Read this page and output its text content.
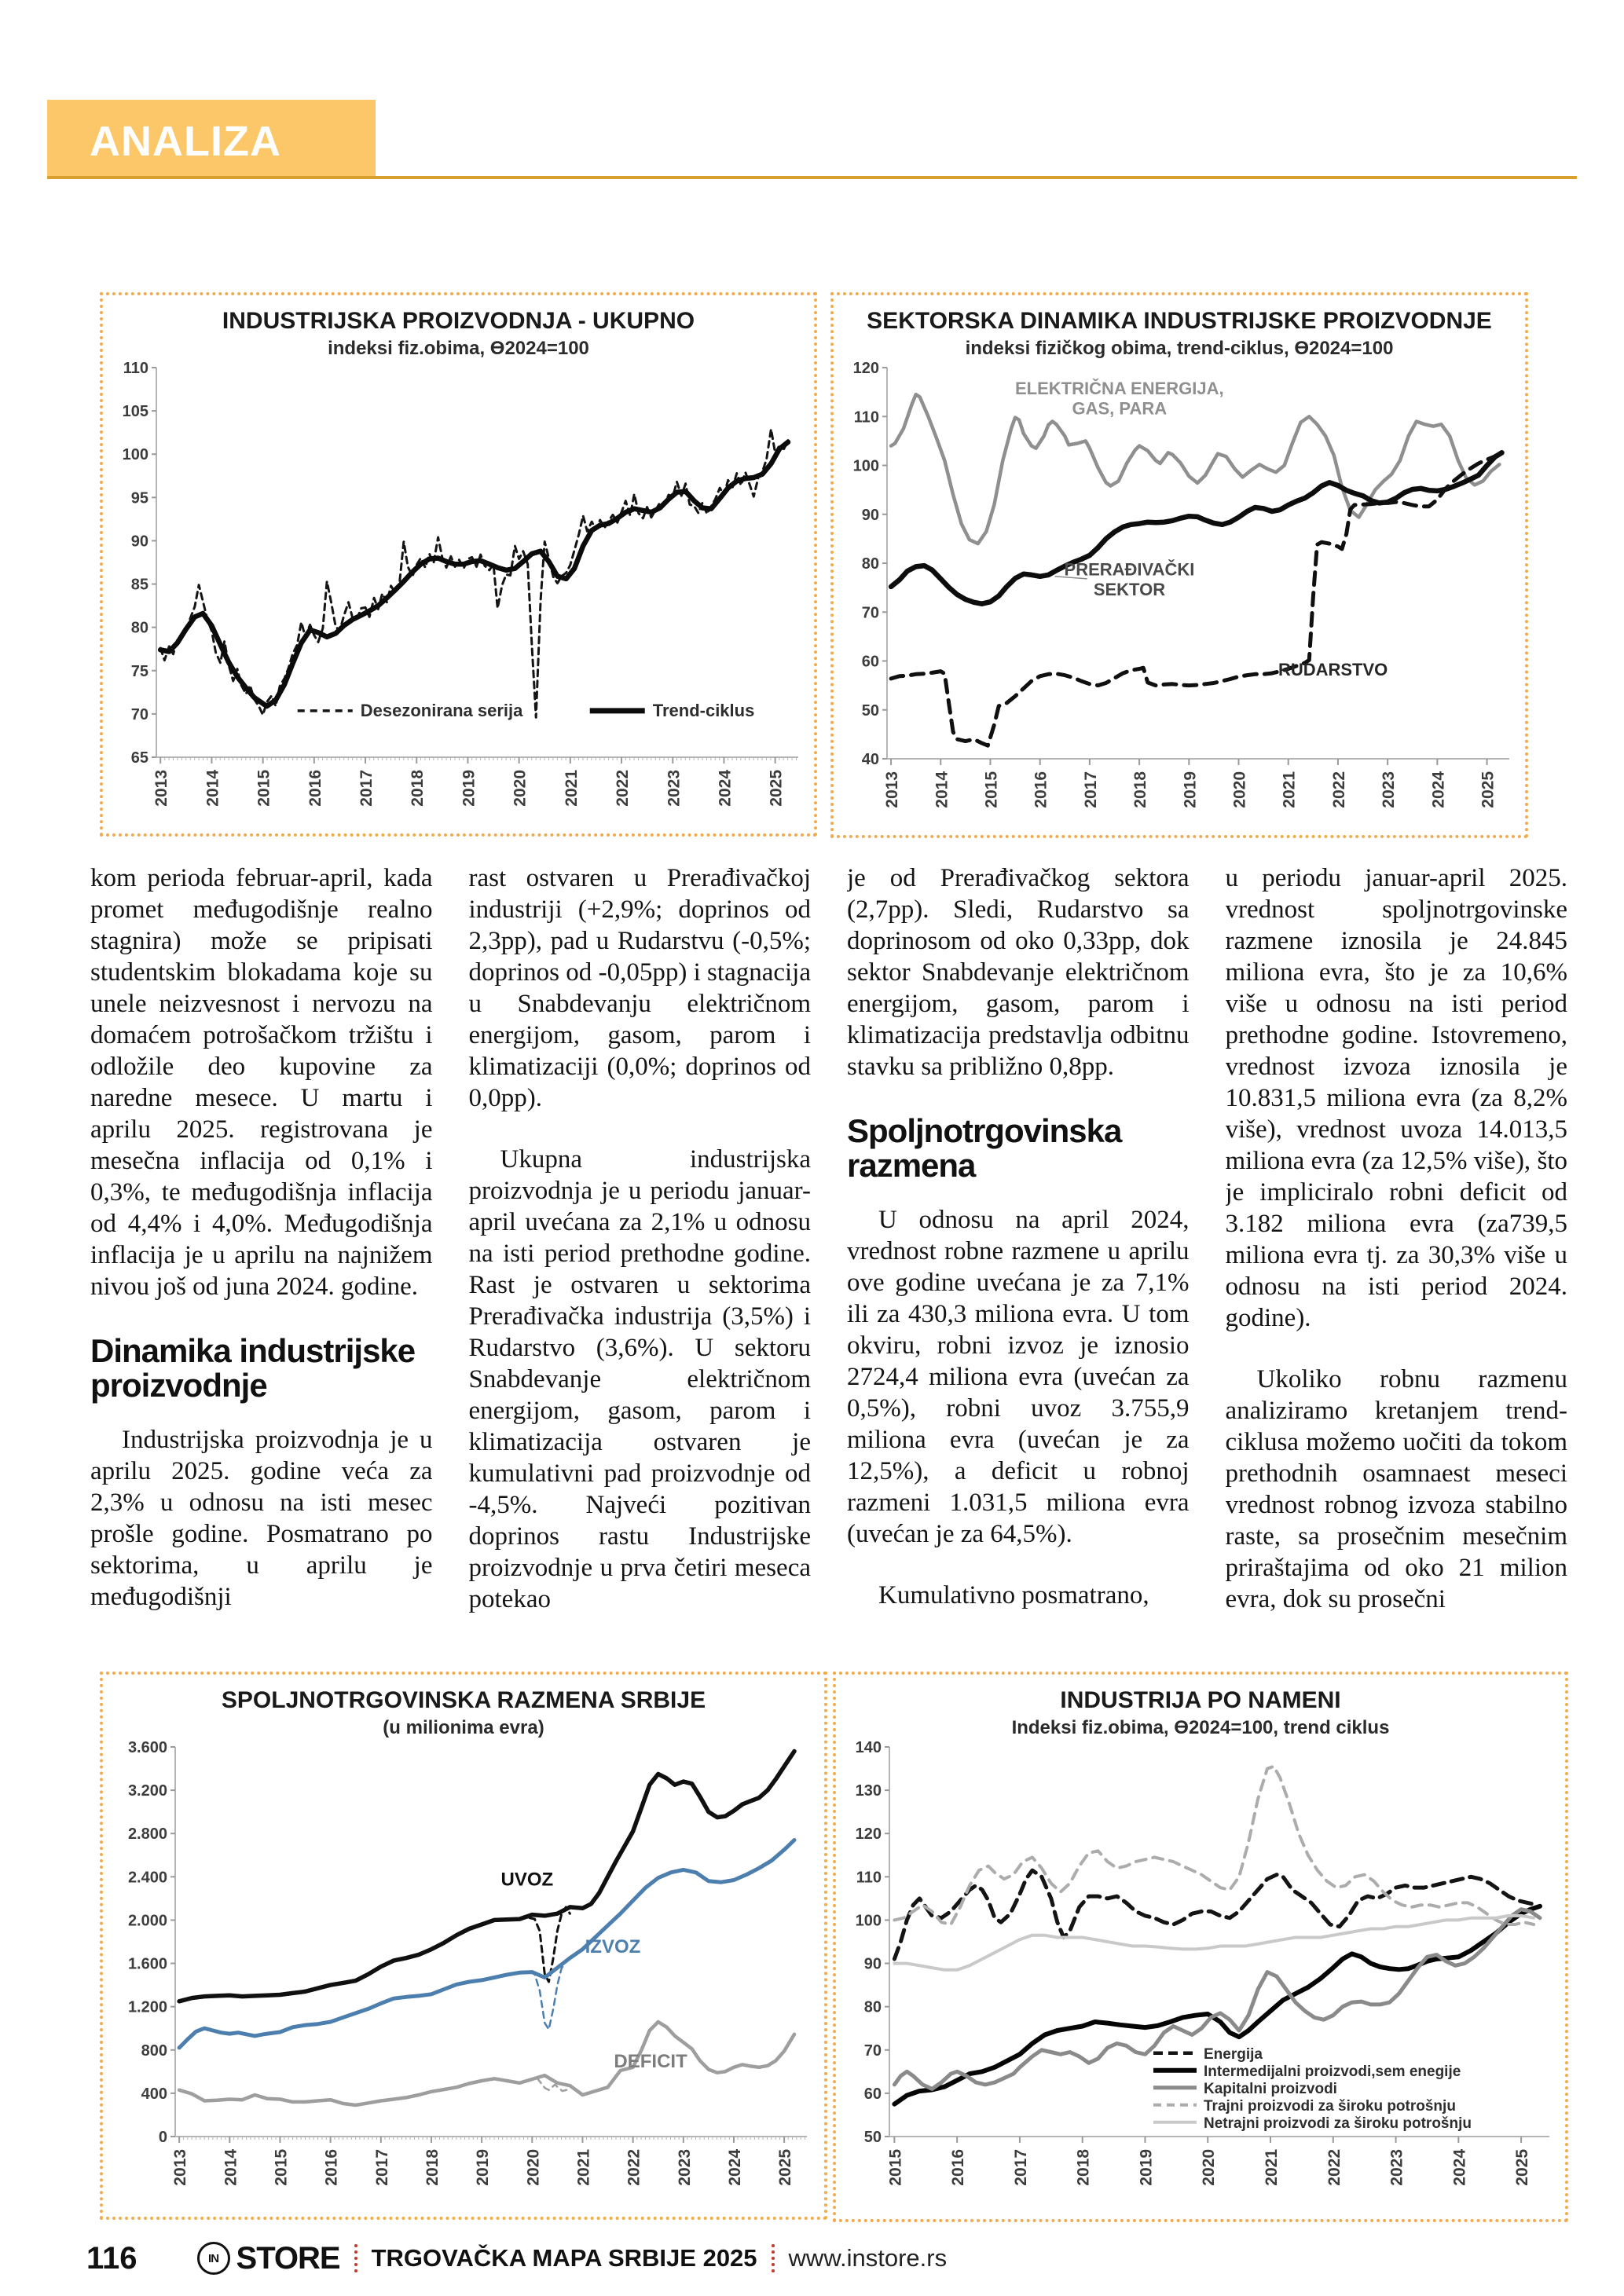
ANALIZA
INDUSTRIJSKA PROIZVODNJA - UKUPNO
indeksi fiz.obima, Ɵ2024=100
65
70
75
80
85
90
95
100
105
110
2013 2014 2015 2016 2017 2018 2019 2020 2021 2022 2023 2024 2025
Desezonirana serija	Trend-ciklus
SEKTORSKA DINAMIKA INDUSTRIJSKE PROIZVODNJE
indeksi fizičkog obima, trend-ciklus, Ɵ2024=100
40
50
60
70
80
90
100
110
120
2013 2014 2015 2016 2017 2018 2019 2020 2021 2022 2023 2024 2025
ELEKTRIČNA ENERGIJA, GAS, PARA
PRERAĐIVAČKI SEKTOR
RUDARSTVO

kom perioda februar-april, kada promet međugodišnje realno stagnira) može se pripisati studentskim blokadama koje su unele neizvesnost i nervozu na domaćem potrošačkom tržištu i odložile deo kupovine za naredne mesece. U martu i aprilu 2025. registrovana je mesečna inflacija od 0,1% i 0,3%, te međugodišnja inflacija od 4,4% i 4,0%. Međugodišnja inflacija je u aprilu na najnižem nivou još od juna 2024. godine.

Dinamika industrijske proizvodnje

Industrijska proizvodnja je u aprilu 2025. godine veća za 2,3% u odnosu na isti mesec prošle godine. Posmatrano po sektorima, u aprilu je međugodišnji

rast ostvaren u Prerađivačkoj industriji (+2,9%; doprinos od 2,3pp), pad u Rudarstvu (-0,5%; doprinos od -0,05pp) i stagnacija u Snabdevanju električnom energijom, gasom, parom i klimatizaciji (0,0%; doprinos od 0,0pp).

Ukupna industrijska proizvodnja je u periodu januar-april uvećana za 2,1% u odnosu na isti period prethodne godine. Rast je ostvaren u sektorima Prerađivačka industrija (3,5%) i Rudarstvo (3,6%). U sektoru Snabdevanje električnom energijom, gasom, parom i klimatizacija ostvaren je kumulativni pad proizvodnje od -4,5%. Najveći pozitivan doprinos rastu Industrijske proizvodnje u prva četiri meseca potekao

je od Prerađivačkog sektora (2,7pp). Sledi, Rudarstvo sa doprinosom od oko 0,33pp, dok sektor Snabdevanje električnom energijom, gasom, parom i klimatizacija predstavlja odbitnu stavku sa približno 0,8pp.

Spoljnotrgovinska razmena

U odnosu na april 2024, vrednost robne razmene u aprilu ove godine uvećana je za 7,1% ili za 430,3 miliona evra. U tom okviru, robni izvoz je iznosio 2724,4 miliona evra (uvećan za 0,5%), robni uvoz 3.755,9 miliona evra (uvećan je za 12,5%), a deficit u robnoj razmeni 1.031,5 miliona evra (uvećan je za 64,5%).

Kumulativno posmatrano,

u periodu januar-april 2025. vrednost spoljnotrgovinske razmene iznosila je 24.845 miliona evra, što je za 10,6% više u odnosu na isti period prethodne godine. Istovremeno, vrednost izvoza iznosila je 10.831,5 miliona evra (za 8,2% više), vrednost uvoza 14.013,5 miliona evra (za 12,5% više), što je impliciralo robni deficit od 3.182 miliona evra (za739,5 miliona evra tj. za 30,3% više u odnosu na isti period 2024. godine).

Ukoliko robnu razmenu analiziramo kretanjem trend-ciklusa možemo uočiti da tokom prethodnih osamnaest meseci vrednost robnog izvoza stabilno raste, sa prosečnim mesečnim priraštajima od oko 21 milion evra, dok su prosečni

SPOLJNOTRGOVINSKA RAZMENA SRBIJE
(u milionima evra)
0
400
800
1.200
1.600
2.000
2.400
2.800
3.200
3.600
2013 2014 2015 2016 2017 2018 2019 2020 2021 2022 2023 2024 2025
UVOZ
IZVOZ
DEFICIT
INDUSTRIJA PO NAMENI
Indeksi fiz.obima, Ɵ2024=100, trend ciklus
50
60
70
80
90
100
110
120
130
140
2015	2016	2017	2018	2019	2020	2021	2022	2023	2024	2025
Energija
Intermedijalni proizvodi,sem enegije
Kapitalni proizvodi
Trajni proizvodi za široku potrošnju
Netrajni proizvodi za široku potrošnju
116	IN STORE TRGOVAČKA MAPA SRBIJE 2025 www.instore.rs
